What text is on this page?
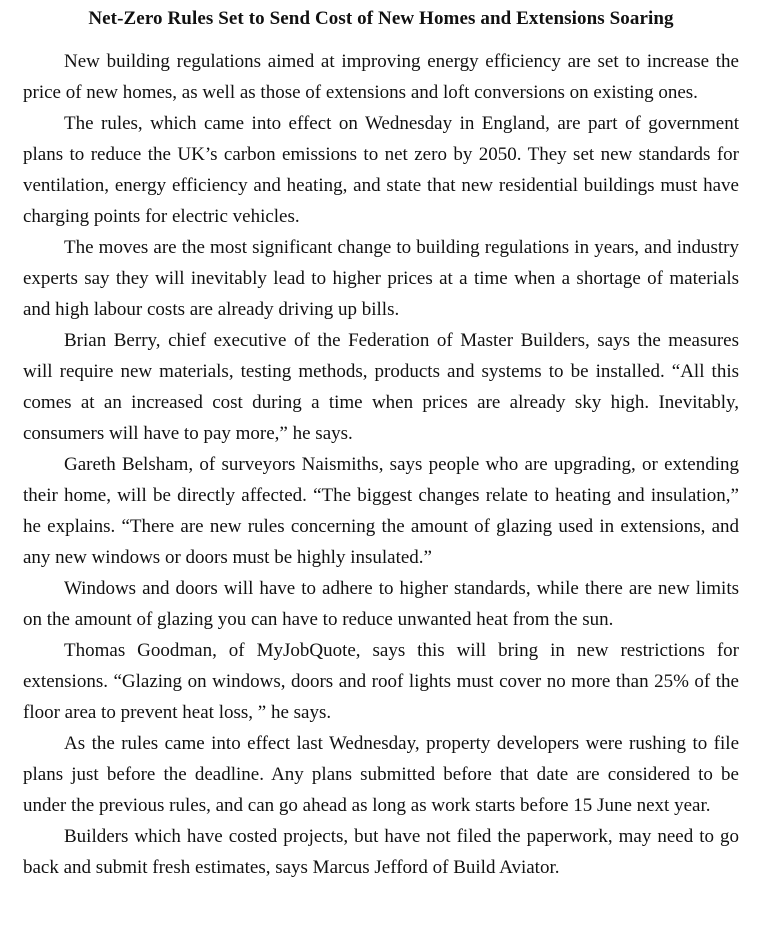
Net-Zero Rules Set to Send Cost of New Homes and Extensions Soaring

New building regulations aimed at improving energy efficiency are set to increase the price of new homes, as well as those of extensions and loft conversions on existing ones.

The rules, which came into effect on Wednesday in England, are part of government plans to reduce the UK’s carbon emissions to net zero by 2050. They set new standards for ventilation, energy efficiency and heating, and state that new residential buildings must have charging points for electric vehicles.

The moves are the most significant change to building regulations in years, and industry experts say they will inevitably lead to higher prices at a time when a shortage of materials and high labour costs are already driving up bills.

Brian Berry, chief executive of the Federation of Master Builders, says the measures will require new materials, testing methods, products and systems to be installed. “All this comes at an increased cost during a time when prices are already sky high. Inevitably, consumers will have to pay more,” he says.

Gareth Belsham, of surveyors Naismiths, says people who are upgrading, or extending their home, will be directly affected. “The biggest changes relate to heating and insulation,” he explains. “There are new rules concerning the amount of glazing used in extensions, and any new windows or doors must be highly insulated.”

Windows and doors will have to adhere to higher standards, while there are new limits on the amount of glazing you can have to reduce unwanted heat from the sun.

Thomas Goodman, of MyJobQuote, says this will bring in new restrictions for extensions. “Glazing on windows, doors and roof lights must cover no more than 25% of the floor area to prevent heat loss, ” he says.

As the rules came into effect last Wednesday, property developers were rushing to file plans just before the deadline. Any plans submitted before that date are considered to be under the previous rules, and can go ahead as long as work starts before 15 June next year.

Builders which have costed projects, but have not filed the paperwork, may need to go back and submit fresh estimates, says Marcus Jefford of Build Aviator.
